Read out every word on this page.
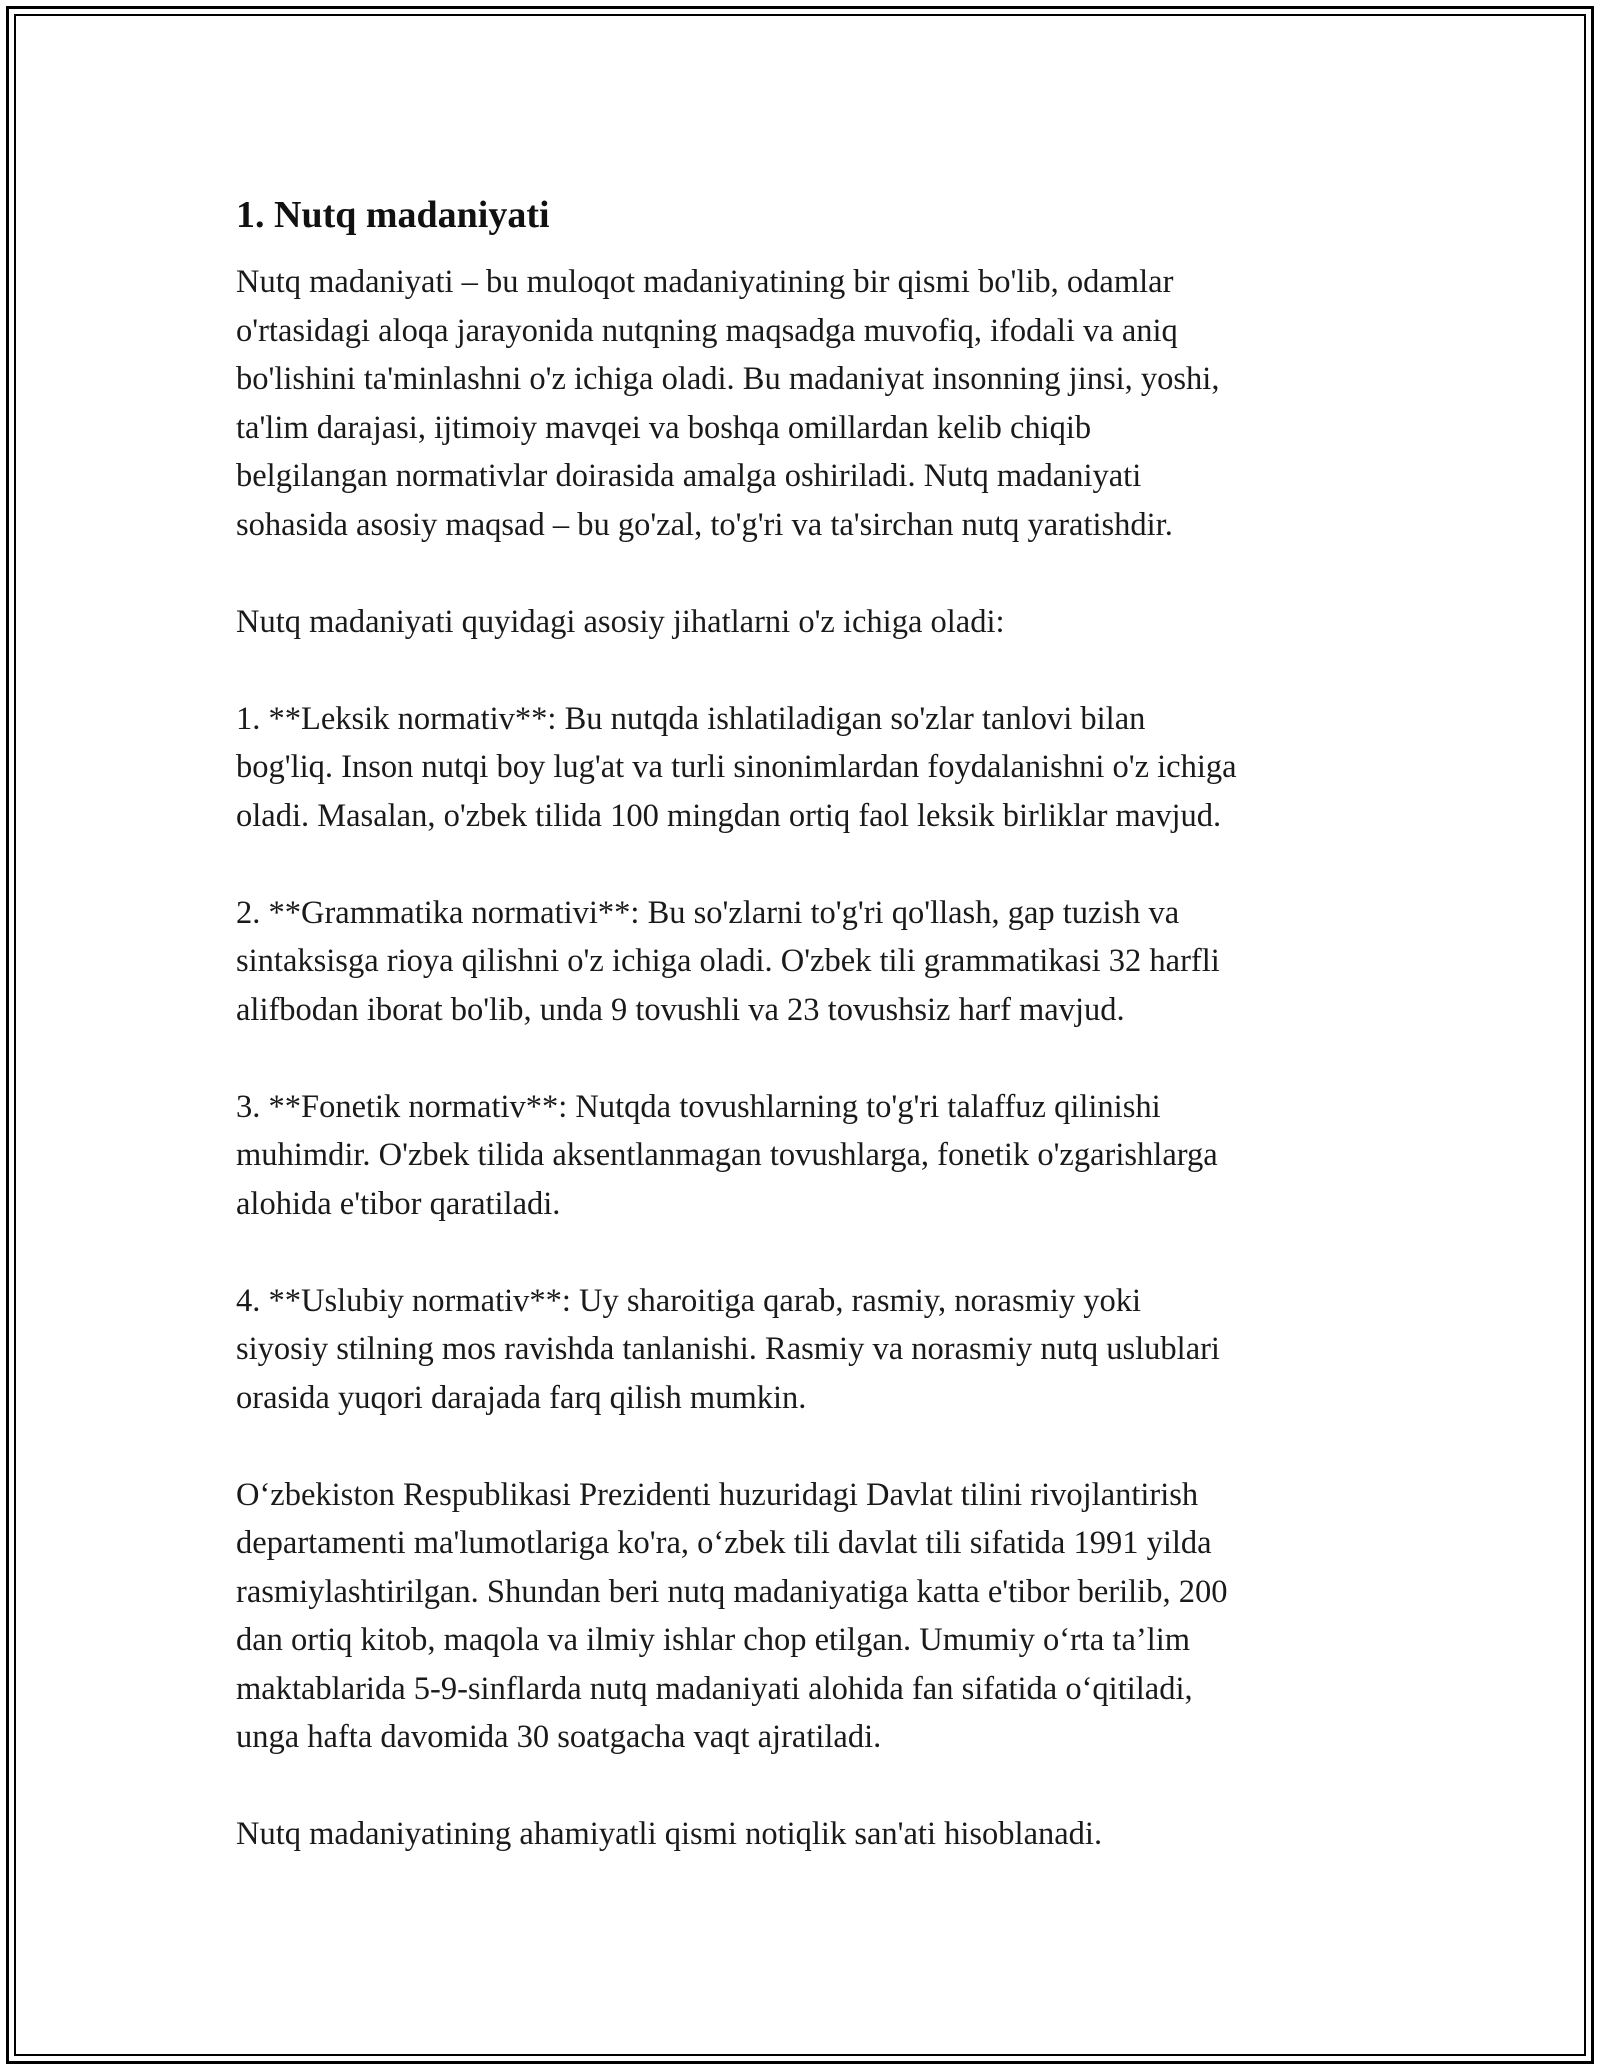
1. Nutq madaniyati

Nutq madaniyati – bu muloqot madaniyatining bir qismi bo'lib, odamlar
o'rtasidagi aloqa jarayonida nutqning maqsadga muvofiq, ifodali va aniq
bo'lishini ta'minlashni o'z ichiga oladi. Bu madaniyat insonning jinsi, yoshi,
ta'lim darajasi, ijtimoiy mavqei va boshqa omillardan kelib chiqib
belgilangan normativlar doirasida amalga oshiriladi. Nutq madaniyati
sohasida asosiy maqsad – bu go'zal, to'g'ri va ta'sirchan nutq yaratishdir.

Nutq madaniyati quyidagi asosiy jihatlarni o'z ichiga oladi:

1. **Leksik normativ**: Bu nutqda ishlatiladigan so'zlar tanlovi bilan
bog'liq. Inson nutqi boy lug'at va turli sinonimlardan foydalanishni o'z ichiga
oladi. Masalan, o'zbek tilida 100 mingdan ortiq faol leksik birliklar mavjud.

2. **Grammatika normativi**: Bu so'zlarni to'g'ri qo'llash, gap tuzish va
sintaksisga rioya qilishni o'z ichiga oladi. O'zbek tili grammatikasi 32 harfli
alifbodan iborat bo'lib, unda 9 tovushli va 23 tovushsiz harf mavjud.

3. **Fonetik normativ**: Nutqda tovushlarning to'g'ri talaffuz qilinishi
muhimdir. O'zbek tilida aksentlanmagan tovushlarga, fonetik o'zgarishlarga
alohida e'tibor qaratiladi.

4. **Uslubiy normativ**: Uy sharoitiga qarab, rasmiy, norasmiy yoki
siyosiy stilning mos ravishda tanlanishi. Rasmiy va norasmiy nutq uslublari
orasida yuqori darajada farq qilish mumkin.

O‘zbekiston Respublikasi Prezidenti huzuridagi Davlat tilini rivojlantirish
departamenti ma'lumotlariga ko'ra, o‘zbek tili davlat tili sifatida 1991 yilda
rasmiylashtirilgan. Shundan beri nutq madaniyatiga katta e'tibor berilib, 200
dan ortiq kitob, maqola va ilmiy ishlar chop etilgan. Umumiy o‘rta ta’lim
maktablarida 5-9-sinflarda nutq madaniyati alohida fan sifatida o‘qitiladi,
unga hafta davomida 30 soatgacha vaqt ajratiladi.

Nutq madaniyatining ahamiyatli qismi notiqlik san'ati hisoblanadi.
